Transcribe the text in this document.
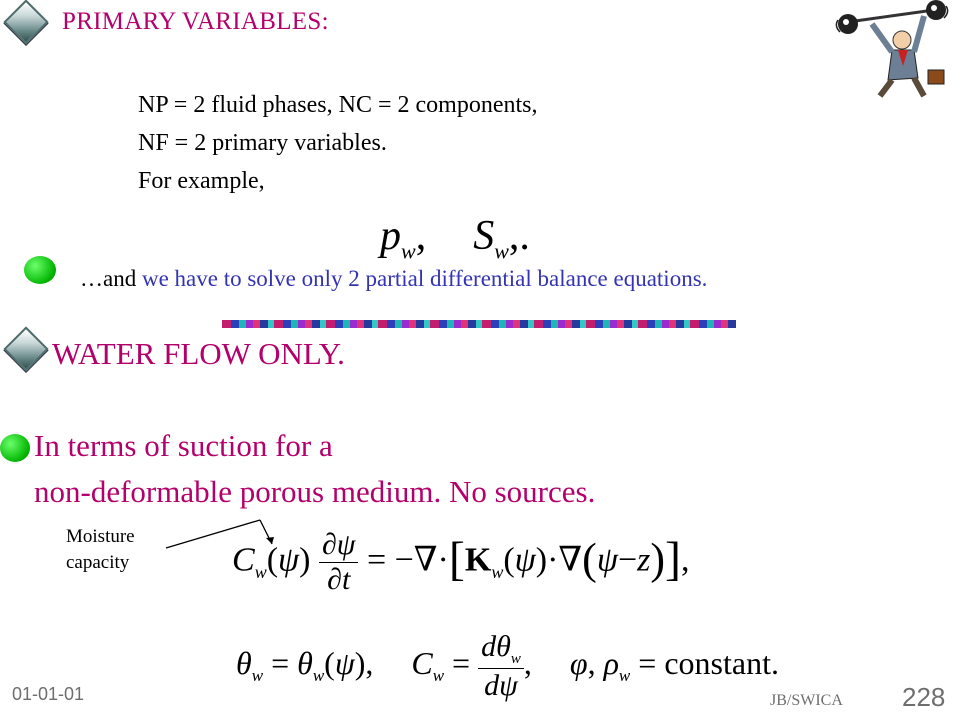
PRIMARY VARIABLES:
NP = 2 fluid phases, NC = 2 components,
NF = 2 primary variables.
For example,
$p_w$, $S_w$,.
…and we have to solve only 2 partial differential balance equations.
WATER FLOW ONLY.
In terms of suction for a
non-deformable porous medium. No sources.
Moisture
capacity	$C_w(\psi) \frac{\partial\psi}{\partial t} = -\nabla\cdot[K_w(\psi)\cdot\nabla(\psi-z)]$,
$\theta_w = \theta_w(\psi)$,  $C_w = \frac{d\theta_w}{d\psi}$ ,  φ, $\rho_w$ = constant.
01-01-01	JB/SWICA 228
